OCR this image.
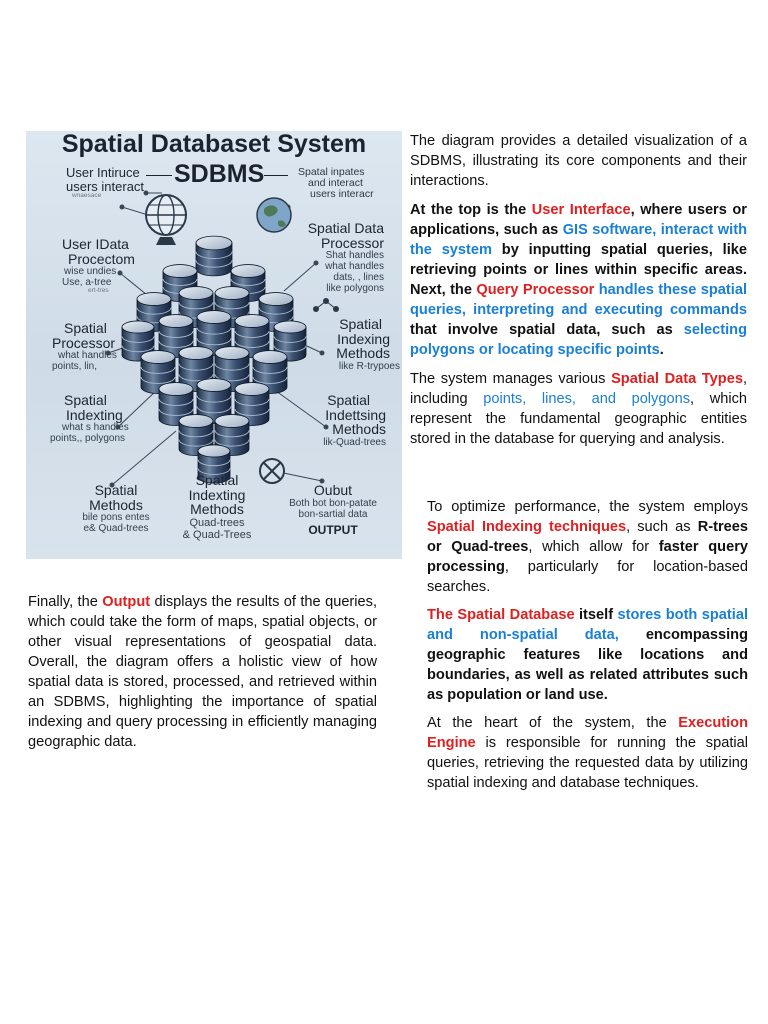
Spatial Databaset System
SDBMS
User Intiruce
users interact
wnaesace
Spatal inpates
and interact
users interacr
User IData
Procectom
wise undies
Use, a-tree
ert-tres
Spatial Data
Processor
Shat handles
what handles
dats, , lines
like polygons
Spatial
Processor
what handles
points, lin,
Spatial
Indexing
Methods
like R-trypoes
Spatial
Indexting
what s handles
points,, polygons
Spatial
Indettsing
Methods
lik-Quad-trees
Spatial
Methods
bile pons entes
e& Quad-trees
Spatial
Indexting
Methods
Quad-trees
& Quad-Trees
Oubut
Both bot bon-patate
bon-sartial data
OUTPUT

The diagram provides a detailed visualization of a SDBMS, illustrating its core components and their interactions.

At the top is the User Interface, where users or applications, such as GIS software, interact with the system by inputting spatial queries, like retrieving points or lines within specific areas. Next, the Query Processor handles these spatial queries, interpreting and executing commands that involve spatial data, such as selecting polygons or locating specific points.

The system manages various Spatial Data Types, including points, lines, and polygons, which represent the fundamental geographic entities stored in the database for querying and analysis.

To optimize performance, the system employs Spatial Indexing techniques, such as R-trees or Quad-trees, which allow for faster query processing, particularly for location-based searches.

The Spatial Database itself stores both spatial and non-spatial data, encompassing geographic features like locations and boundaries, as well as related attributes such as population or land use.

At the heart of the system, the Execution Engine is responsible for running the spatial queries, retrieving the requested data by utilizing spatial indexing and database techniques.

Finally, the Output displays the results of the queries, which could take the form of maps, spatial objects, or other visual representations of geospatial data. Overall, the diagram offers a holistic view of how spatial data is stored, processed, and retrieved within an SDBMS, highlighting the importance of spatial indexing and query processing in efficiently managing geographic data.
